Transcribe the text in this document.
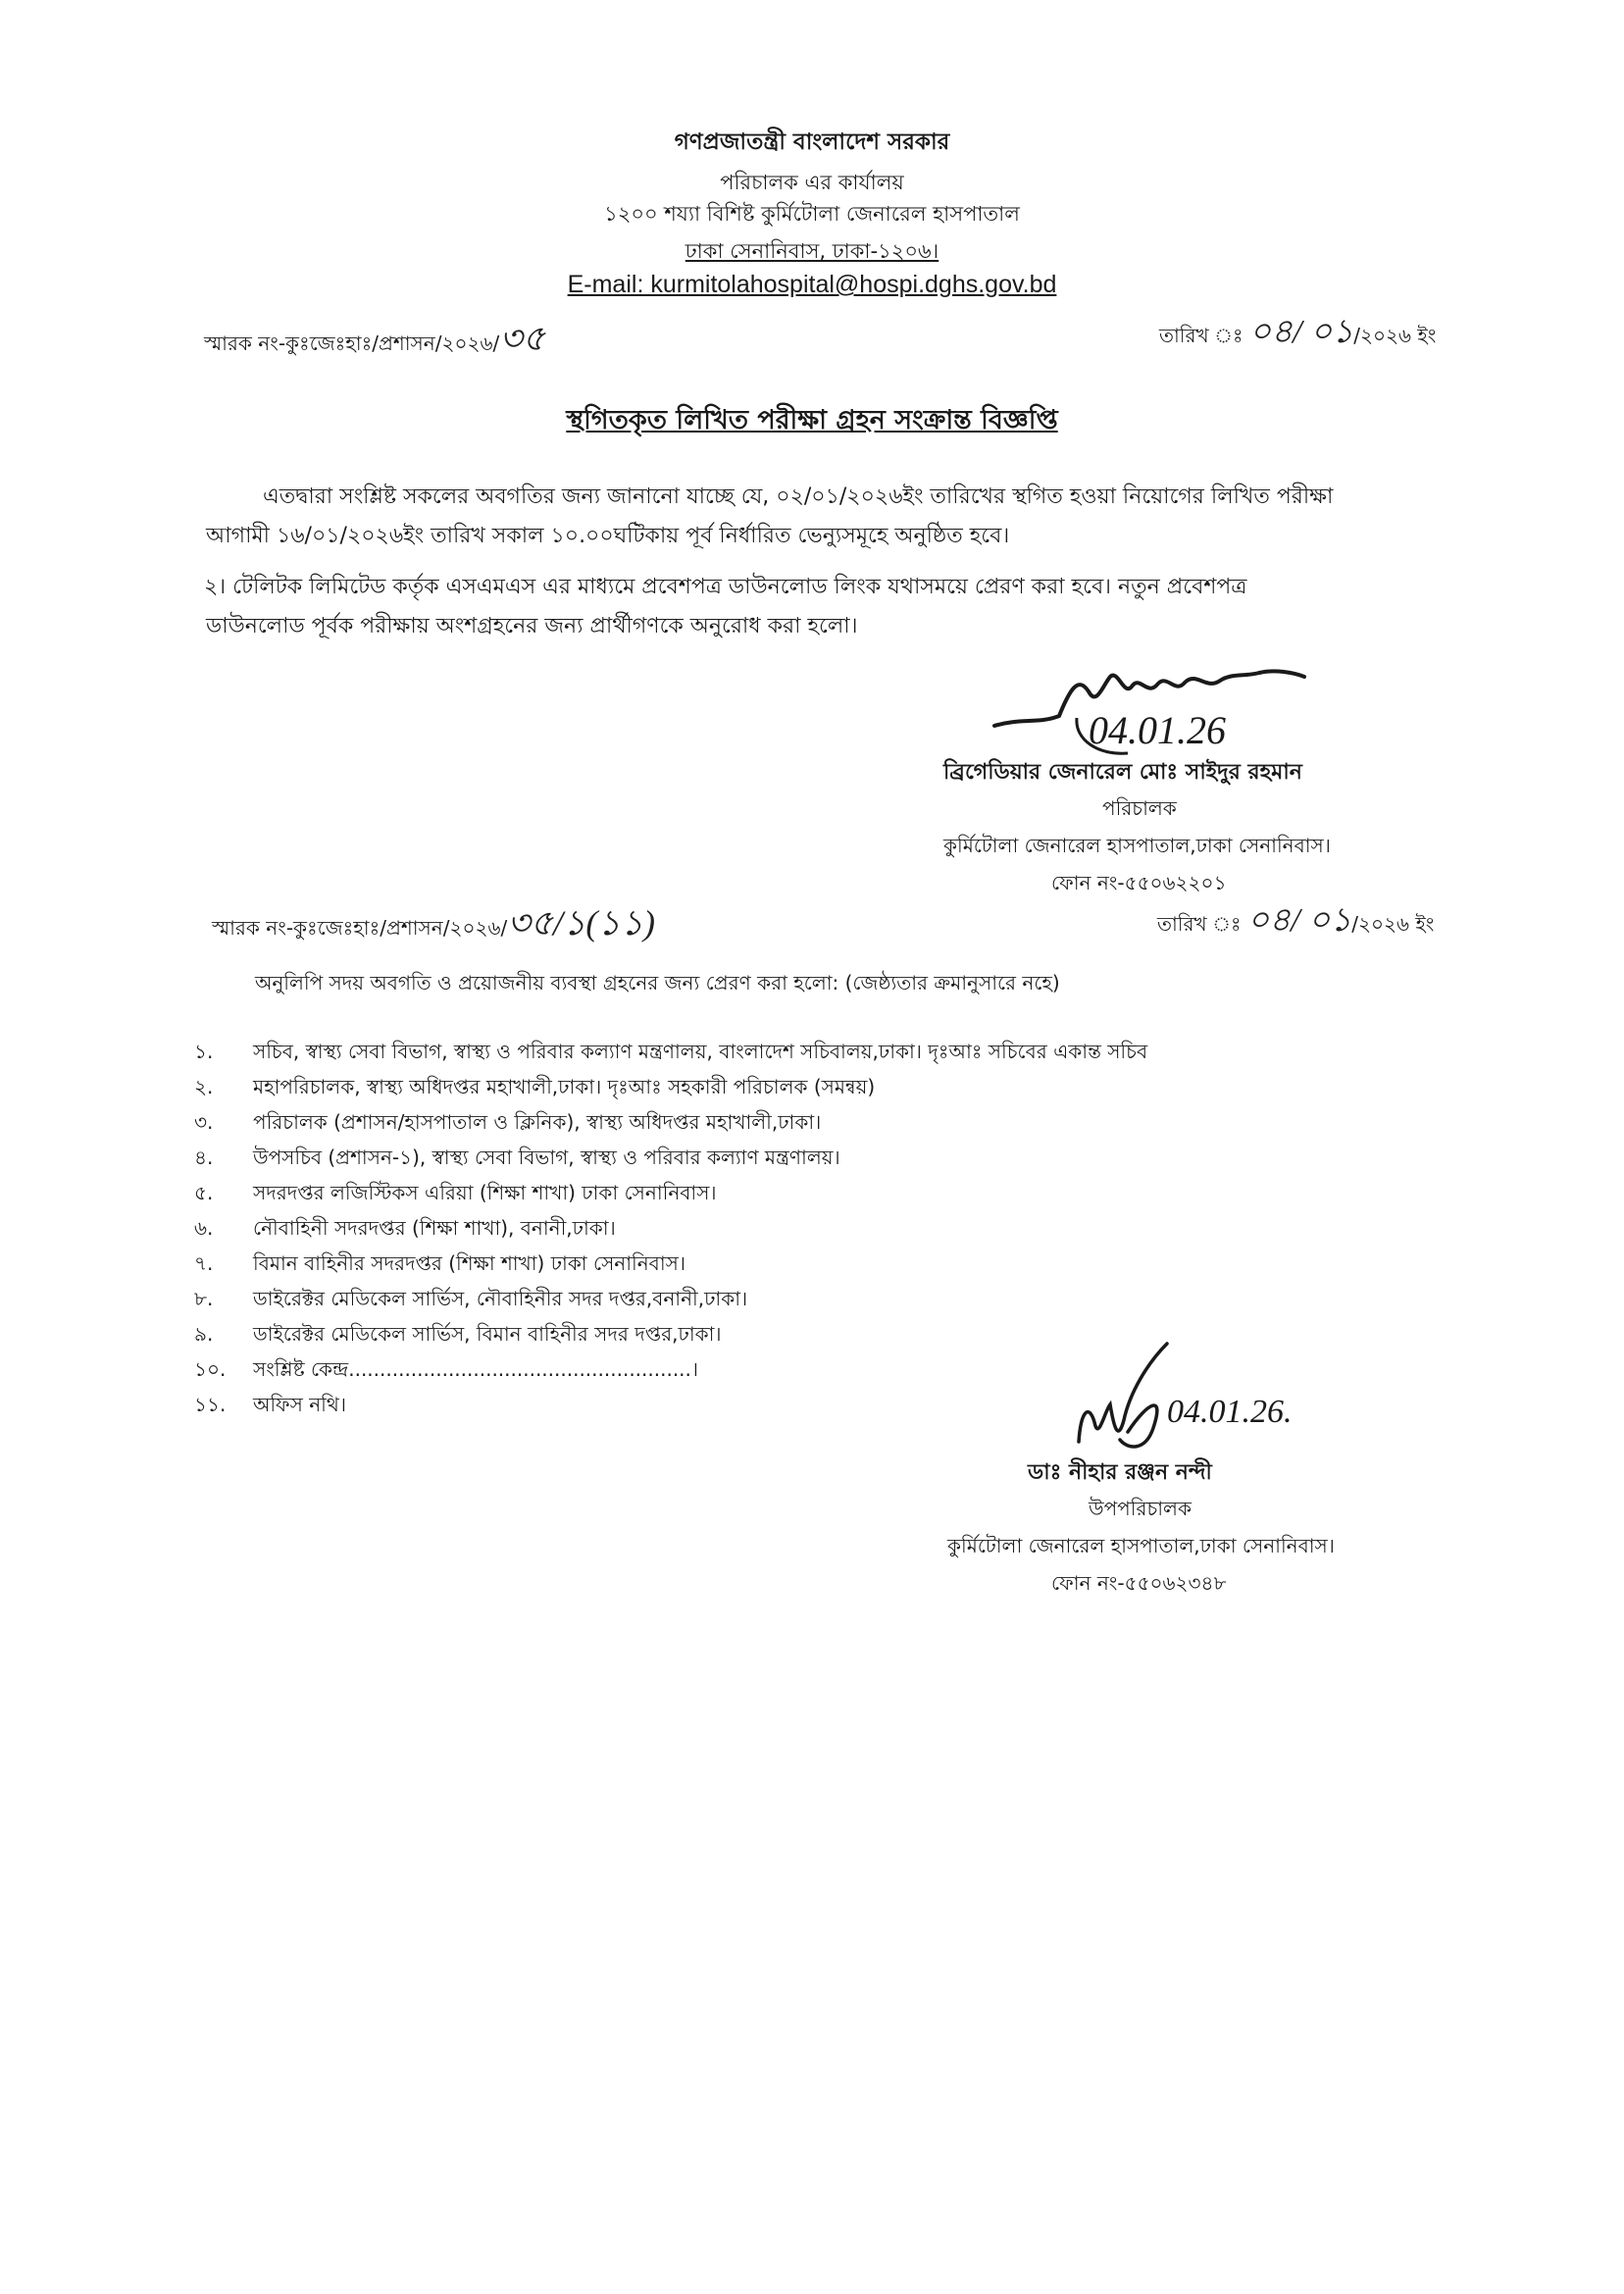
গণপ্রজাতন্ত্রী বাংলাদেশ সরকার
পরিচালক এর কার্যালয়
১২০০ শয্যা বিশিষ্ট কুর্মিটোলা জেনারেল হাসপাতাল
ঢাকা সেনানিবাস, ঢাকা-১২০৬।
E-mail: kurmitolahospital@hospi.dghs.gov.bd
স্মারক নং-কুঃজেঃহাঃ/প্রশাসন/২০২৬/৩৫	তারিখ ঃ ০৪/ ০১/২০২৬ ইং
স্থগিতকৃত লিখিত পরীক্ষা গ্রহন সংক্রান্ত বিজ্ঞপ্তি
এতদ্বারা সংশ্লিষ্ট সকলের অবগতির জন্য জানানো যাচ্ছে যে, ০২/০১/২০২৬ইং তারিখের স্থগিত হওয়া নিয়োগের লিখিত পরীক্ষা
আগামী ১৬/০১/২০২৬ইং তারিখ সকাল ১০.০০ঘটিকায় পূর্ব নির্ধারিত ভেন্যুসমূহে অনুষ্ঠিত হবে।
২। টেলিটক লিমিটেড কর্তৃক এসএমএস এর মাধ্যমে প্রবেশপত্র ডাউনলোড লিংক যথাসময়ে প্রেরণ করা হবে। নতুন প্রবেশপত্র
ডাউনলোড পূর্বক পরীক্ষায় অংশগ্রহনের জন্য প্রার্থীগণকে অনুরোধ করা হলো।
04.01.26
ব্রিগেডিয়ার জেনারেল মোঃ সাইদুর রহমান
পরিচালক
কুর্মিটোলা জেনারেল হাসপাতাল,ঢাকা সেনানিবাস।
ফোন নং-৫৫০৬২২০১
স্মারক নং-কুঃজেঃহাঃ/প্রশাসন/২০২৬/৩৫/১(১১)	তারিখ ঃ ০৪/ ০১/২০২৬ ইং
অনুলিপি সদয় অবগতি ও প্রয়োজনীয় ব্যবস্থা গ্রহনের জন্য প্রেরণ করা হলো: (জেষ্ঠ্যতার ক্রমানুসারে নহে)
১. সচিব, স্বাস্থ্য সেবা বিভাগ, স্বাস্থ্য ও পরিবার কল্যাণ মন্ত্রণালয়, বাংলাদেশ সচিবালয়,ঢাকা। দৃঃআঃ সচিবের একান্ত সচিব
২. মহাপরিচালক, স্বাস্থ্য অধিদপ্তর মহাখালী,ঢাকা। দৃঃআঃ সহকারী পরিচালক (সমন্বয়)
৩. পরিচালক (প্রশাসন/হাসপাতাল ও ক্লিনিক), স্বাস্থ্য অধিদপ্তর মহাখালী,ঢাকা।
৪. উপসচিব (প্রশাসন-১), স্বাস্থ্য সেবা বিভাগ, স্বাস্থ্য ও পরিবার কল্যাণ মন্ত্রণালয়।
৫. সদরদপ্তর লজিস্টিকস এরিয়া (শিক্ষা শাখা) ঢাকা সেনানিবাস।
৬. নৌবাহিনী সদরদপ্তর (শিক্ষা শাখা), বনানী,ঢাকা।
৭. বিমান বাহিনীর সদরদপ্তর (শিক্ষা শাখা) ঢাকা সেনানিবাস।
৮. ডাইরেক্টর মেডিকেল সার্ভিস, নৌবাহিনীর সদর দপ্তর,বনানী,ঢাকা।
৯. ডাইরেক্টর মেডিকেল সার্ভিস, বিমান বাহিনীর সদর দপ্তর,ঢাকা।
১০. সংশ্লিষ্ট কেন্দ্র.......................................................।
১১. অফিস নথি।	04.01.26.
ডাঃ নীহার রঞ্জন নন্দী
উপপরিচালক
কুর্মিটোলা জেনারেল হাসপাতাল,ঢাকা সেনানিবাস।
ফোন নং-৫৫০৬২৩৪৮
